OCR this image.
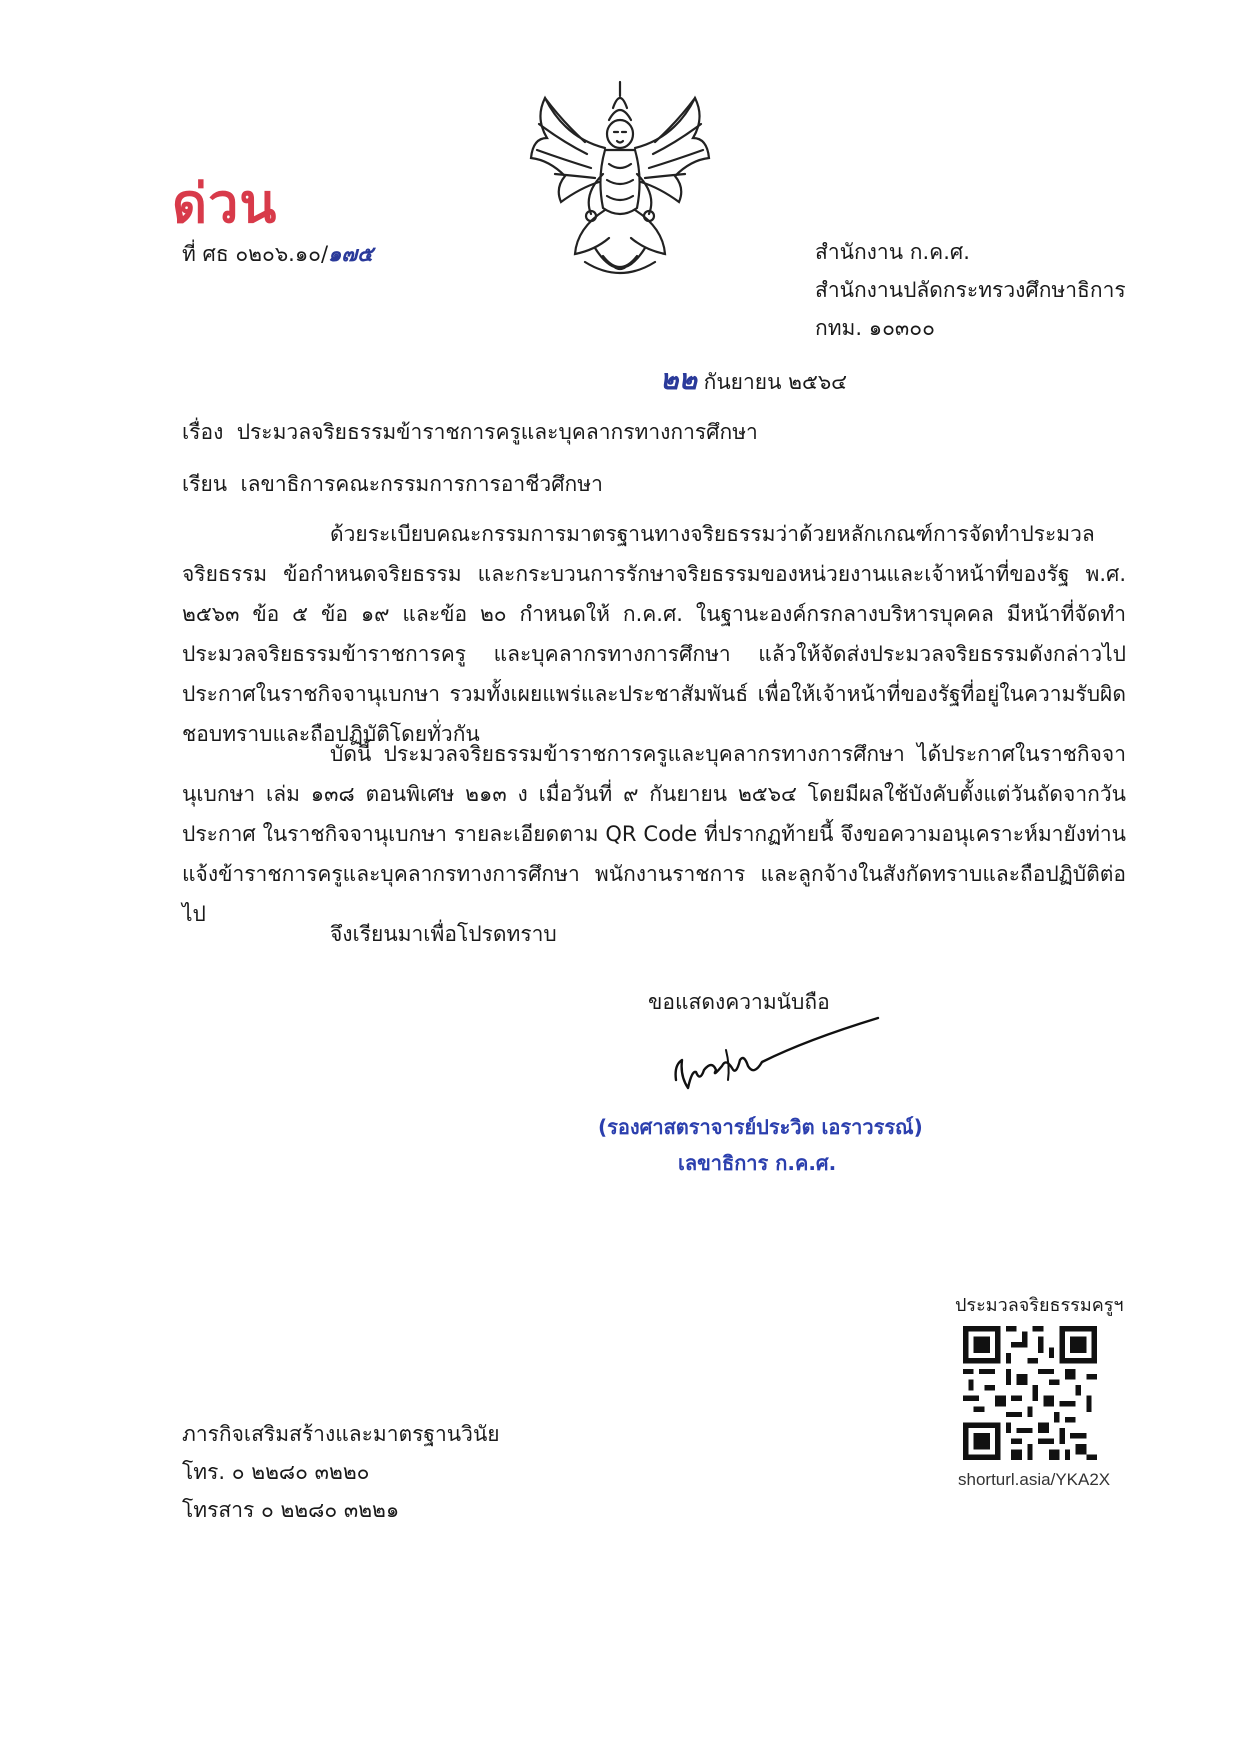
ด่วน
ที่ ศธ ๐๒๐๖.๑๐/๑๗๕	สำนักงาน ก.ค.ศ.
สำนักงานปลัดกระทรวงศึกษาธิการ
กทม. ๑๐๓๐๐
๒๒ กันยายน ๒๕๖๔
เรื่อง ประมวลจริยธรรมข้าราชการครูและบุคลากรทางการศึกษา
เรียน เลขาธิการคณะกรรมการการอาชีวศึกษา

ด้วยระเบียบคณะกรรมการมาตรฐานทางจริยธรรมว่าด้วยหลักเกณฑ์การจัดทำประมวลจริยธรรม ข้อกำหนดจริยธรรม และกระบวนการรักษาจริยธรรมของหน่วยงานและเจ้าหน้าที่ของรัฐ พ.ศ. ๒๕๖๓ ข้อ ๕ ข้อ ๑๙ และข้อ ๒๐ กำหนดให้ ก.ค.ศ. ในฐานะองค์กรกลางบริหารบุคคล มีหน้าที่จัดทำประมวลจริยธรรมข้าราชการครู และบุคลากรทางการศึกษา แล้วให้จัดส่งประมวลจริยธรรมดังกล่าวไปประกาศในราชกิจจานุเบกษา รวมทั้งเผยแพร่และประชาสัมพันธ์ เพื่อให้เจ้าหน้าที่ของรัฐที่อยู่ในความรับผิดชอบทราบและถือปฏิบัติโดยทั่วกัน

บัดนี้ ประมวลจริยธรรมข้าราชการครูและบุคลากรทางการศึกษา ได้ประกาศในราชกิจจานุเบกษา เล่ม ๑๓๘ ตอนพิเศษ ๒๑๓ ง เมื่อวันที่ ๙ กันยายน ๒๕๖๔ โดยมีผลใช้บังคับตั้งแต่วันถัดจากวันประกาศ ในราชกิจจานุเบกษา รายละเอียดตาม QR Code ที่ปรากฏท้ายนี้ จึงขอความอนุเคราะห์มายังท่าน แจ้งข้าราชการครูและบุคลากรทางการศึกษา พนักงานราชการ และลูกจ้างในสังกัดทราบและถือปฏิบัติต่อไป

จึงเรียนมาเพื่อโปรดทราบ
ขอแสดงความนับถือ
(รองศาสตราจารย์ประวิต เอราวรรณ์)
เลขาธิการ ก.ค.ศ.
ประมวลจริยธรรมครูฯ
shorturl.asia/YKA2X
ภารกิจเสริมสร้างและมาตรฐานวินัย
โทร. ๐ ๒๒๘๐ ๓๒๒๐
โทรสาร ๐ ๒๒๘๐ ๓๒๒๑
